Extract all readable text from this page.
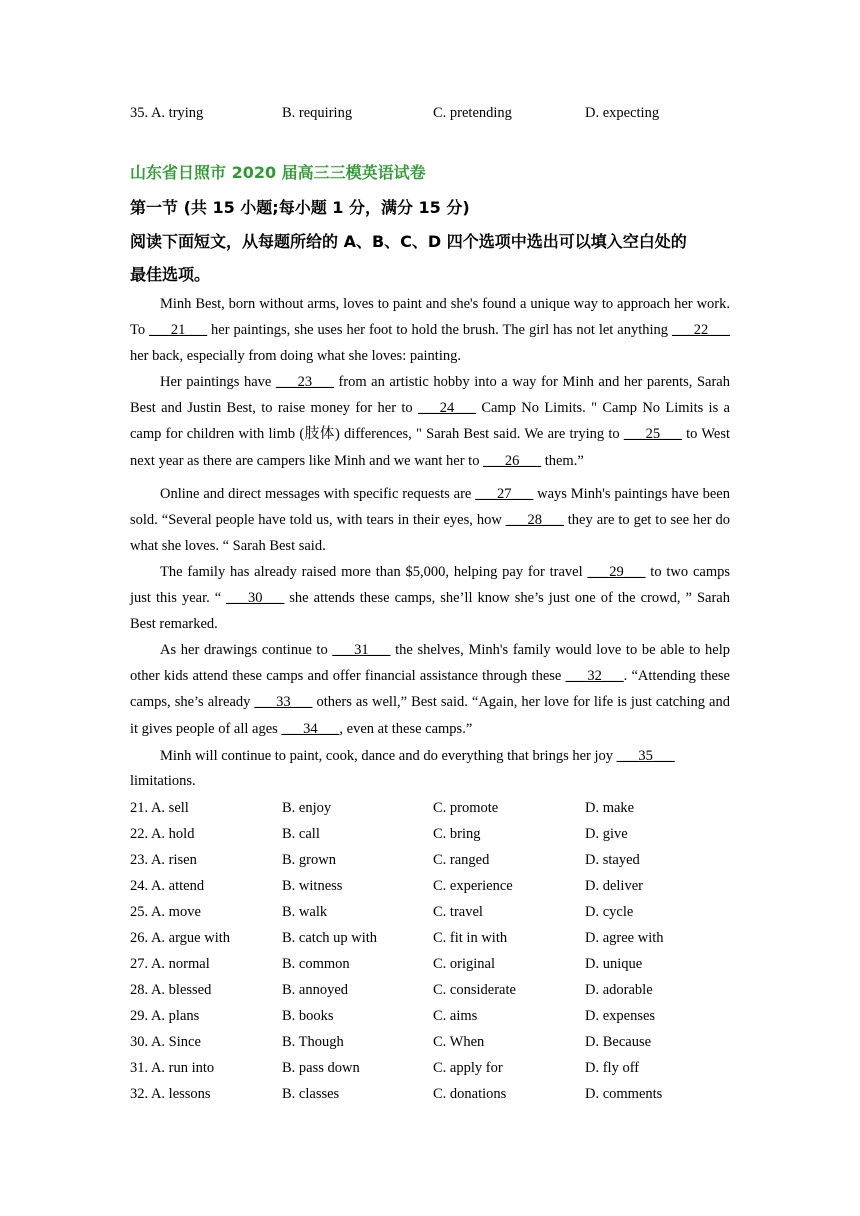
35. A. trying	B. requiring	C. pretending	D. expecting
山东省日照市 2020 届高三三模英语试卷
第一节 (共 15 小题;每小题 1 分，满分 15 分)
阅读下面短文，从每题所给的 A、B、C、D 四个选项中选出可以填入空白处的
最佳选项。
Minh Best, born without arms, loves to paint and she's found a unique way to approach her work. To ___21___ her paintings, she uses her foot to hold the brush. The girl has not let anything ___22___ her back, especially from doing what she loves: painting.
Her paintings have ___23___ from an artistic hobby into a way for Minh and her parents, Sarah Best and Justin Best, to raise money for her to ___24___ Camp No Limits. " Camp No Limits is a camp for children with limb (肢体) differences, " Sarah Best said. We are trying to ___25___ to West next year as there are campers like Minh and we want her to ___26___ them.”
Online and direct messages with specific requests are ___27___ ways Minh's paintings have been sold. “Several people have told us, with tears in their eyes, how ___28___ they are to get to see her do what she loves. “ Sarah Best said.
The family has already raised more than $5,000, helping pay for travel ___29___ to two camps just this year. “ ___30___ she attends these camps, she’ll know she’s just one of the crowd, ” Sarah Best remarked.
As her drawings continue to ___31___ the shelves, Minh's family would love to be able to help other kids attend these camps and offer financial assistance through these ___32___. “Attending these camps, she’s already ___33___ others as well,” Best said. “Again, her love for life is just catching and it gives people of all ages ___34___, even at these camps.”
Minh will continue to paint, cook, dance and do everything that brings her joy ___35___
limitations.
21. A. sell	B. enjoy	C. promote	D. make
22. A. hold	B. call	C. bring	D. give
23. A. risen	B. grown	C. ranged	D. stayed
24. A. attend	B. witness	C. experience	D. deliver
25. A. move	B. walk	C. travel	D. cycle
26. A. argue with	B. catch up with	C. fit in with	D. agree with
27. A. normal	B. common	C. original	D. unique
28. A. blessed	B. annoyed	C. considerate	D. adorable
29. A. plans	B. books	C. aims	D. expenses
30. A. Since	B. Though	C. When	D. Because
31. A. run into	B. pass down	C. apply for	D. fly off
32. A. lessons	B. classes	C. donations	D. comments
